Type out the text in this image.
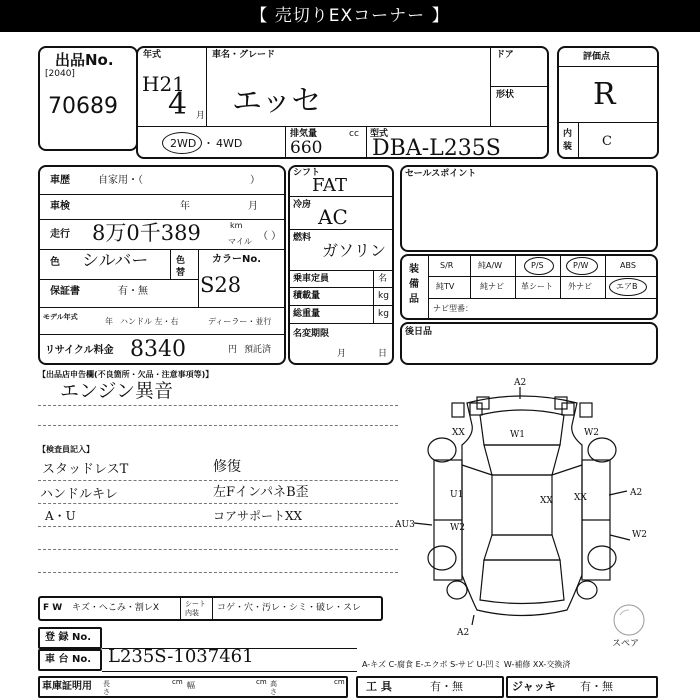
【 売切りEXコーナー 】
出品No.
[2040]
70689
年式
H21
4 月
車名・グレード
エッセ
ドア
形状
2WD ・ 4WD
排気量	cc
660
型式
DBA-L235S
評価点
R
内装 C
車歴	自家用・（	）
車検	年	月
走行 8万0千389	km
マイル （ ）
色 シルバー	色替
カラーNo.
S28
保証書	有・無
モデル年式	年 ハンドル 左・右	ディーラー・並行
リサイクル料金 8340	円 預託済
シフト
FAT
冷房 AC
燃料
ガソリン
乗車定員	名
積載量	kg
総重量	kg
名変期限
月	日
セールスポイント
装備品
S/R	純A/W	P/S	P/W	ABS
純TV	純ナビ 革シート 外ナビ	エアB
ナビ型番：
後日品
【出品店申告欄(不良箇所・欠品・注意事項等)】
エンジン異音
【検査員記入】
スタッドレスT	修復
ハンドルキレ	左FインパネB歪
A・U	コアサポートXX
A2
XX	W1	W2
XX	A2
U1
XX
W2
AU3
W2
A2
スペア
F W キズ・ヘこみ・割レX	シート内装	コゲ・穴・汚レ・シミ・破レ・スレ
登 録 No.
車 台 No. L235S-1037461	A-キズ C-腐食 E-エクボ S-サビ U-凹ミ W-補修 XX-交換済
車庫証明用 長さ
cm 幅	cm 高さ
cm 工 具	有・無	ジャッキ 有・無
